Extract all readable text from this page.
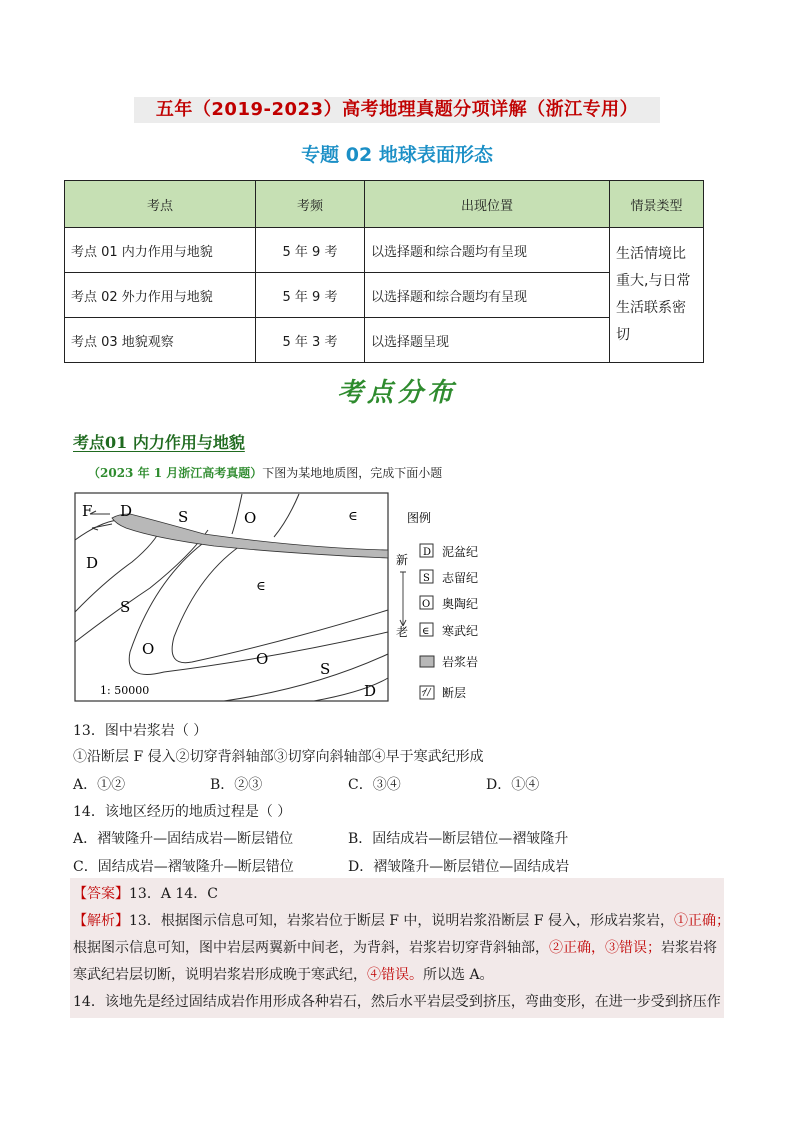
五年（2019-2023）高考地理真题分项详解（浙江专用）
专题 02 地球表面形态
考点	考频	出现位置	情景类型
考点 01 内力作用与地貌	5 年 9 考	以选择题和综合题均有呈现	生活情境比重大,与日常生活联系密切
考点 02 外力作用与地貌	5 年 9 考	以选择题和综合题均有呈现	
考点 03 地貌观察	5 年 3 考	以选择题呈现	
考点分布
考点01 内力作用与地貌
（2023 年 1 月浙江高考真题）下图为某地地质图，完成下面小题
F D	S	O	∈
D
S
O
∈
O
S
D
1: 50000
图例
新
老
D 泥盆纪
S 志留纪
O 奥陶纪
∈ 寒武纪
岩浆岩
断层
13．图中岩浆岩（ ）
①沿断层 F 侵入②切穿背斜轴部③切穿向斜轴部④早于寒武纪形成
A．①②	B．②③	C．③④	D．①④
14．该地区经历的地质过程是（ ）
A．褶皱隆升—固结成岩—断层错位	B．固结成岩—断层错位—褶皱隆升
C．固结成岩—褶皱隆升—断层错位	D．褶皱隆升—断层错位—固结成岩
【答案】13．A 14．C
【解析】13．根据图示信息可知，岩浆岩位于断层 F 中，说明岩浆沿断层 F 侵入，形成岩浆岩，①正确；
根据图示信息可知，图中岩层两翼新中间老，为背斜，岩浆岩切穿背斜轴部，②正确，③错误；岩浆岩将
寒武纪岩层切断，说明岩浆岩形成晚于寒武纪，④错误。所以选 A。
14．该地先是经过固结成岩作用形成各种岩石，然后水平岩层受到挤压，弯曲变形，在进一步受到挤压作
